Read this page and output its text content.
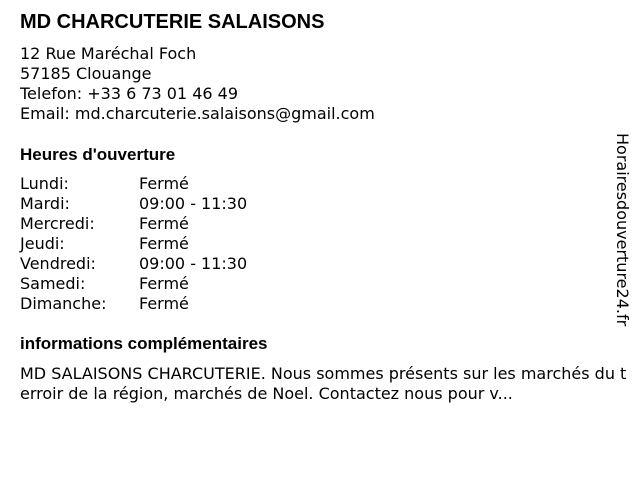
MD CHARCUTERIE SALAISONS
12 Rue Maréchal Foch
57185 Clouange
Telefon: +33 6 73 01 46 49
Email: md.charcuterie.salaisons@gmail.com
Heures d'ouverture
Lundi:	Fermé
Mardi:	09:00 - 11:30
Mercredi:	Fermé
Jeudi:	Fermé
Vendredi:	09:00 - 11:30
Samedi:	Fermé
Dimanche: Fermé
informations complémentaires
MD SALAISONS CHARCUTERIE. Nous sommes présents sur les marchés du terroir de la région, marchés de Noel. Contactez nous pour v...
Horairesdouverture24.fr
